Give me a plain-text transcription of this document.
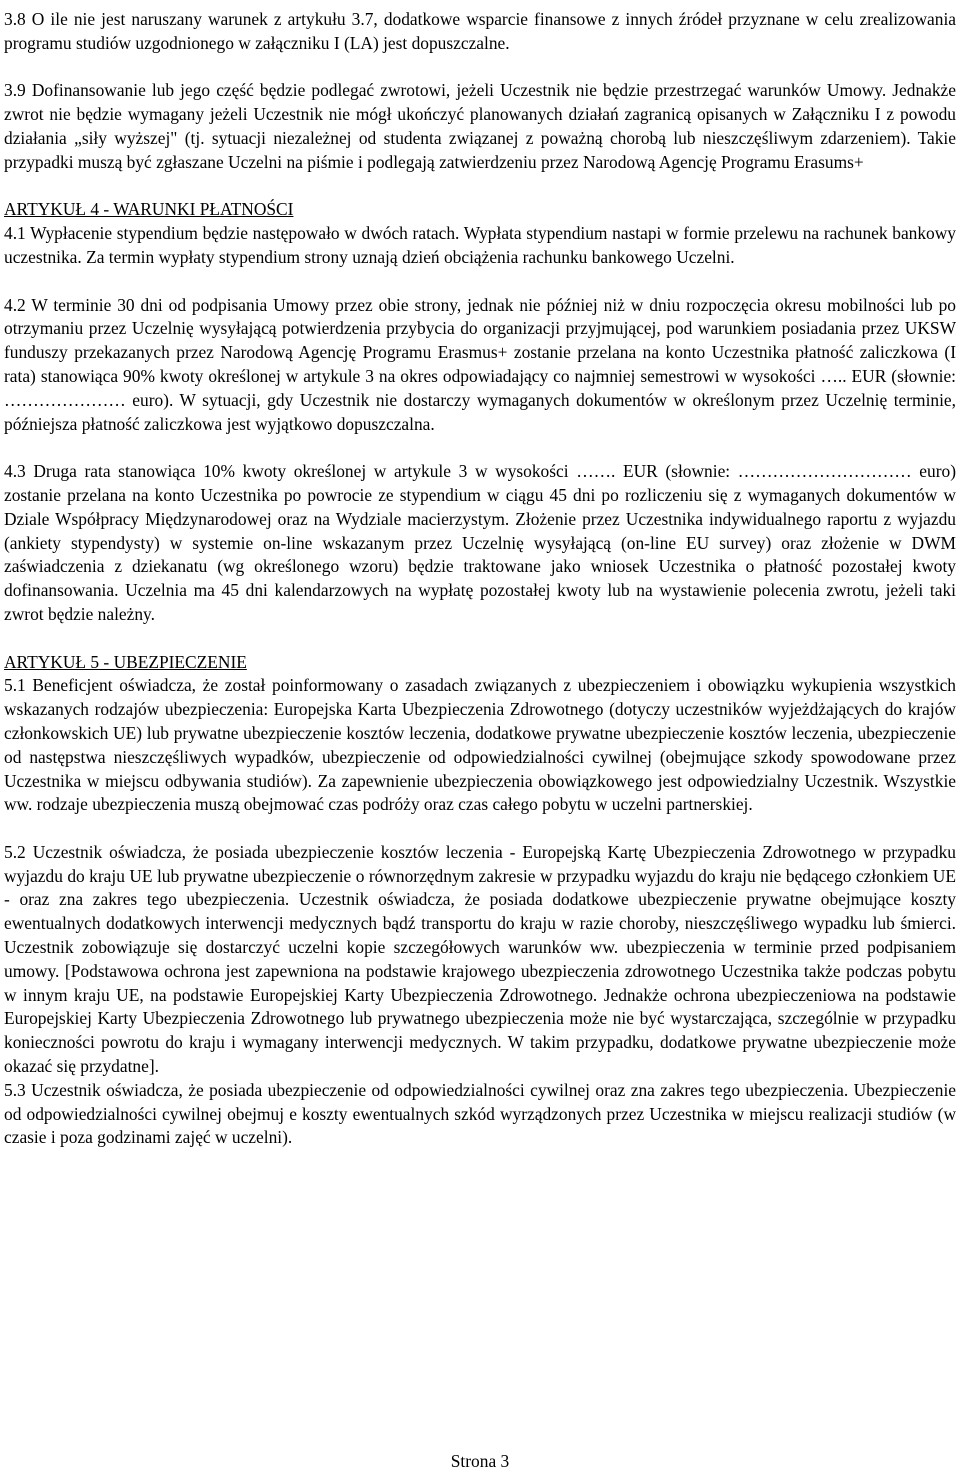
3.8 O ile nie jest naruszany warunek z artykułu 3.7, dodatkowe wsparcie finansowe z innych źródeł przyznane w celu zrealizowania programu studiów uzgodnionego w załączniku I (LA) jest dopuszczalne.

3.9 Dofinansowanie lub jego część będzie podlegać zwrotowi, jeżeli Uczestnik nie będzie przestrzegać warunków Umowy. Jednakże zwrot nie będzie wymagany jeżeli Uczestnik nie mógł ukończyć planowanych działań zagranicą opisanych w Załączniku I z powodu działania „siły wyższej" (tj. sytuacji niezależnej od studenta związanej z poważną chorobą lub nieszczęśliwym zdarzeniem). Takie przypadki muszą być zgłaszane Uczelni na piśmie i podlegają zatwierdzeniu przez Narodową Agencję Programu Erasums+

ARTYKUŁ 4 - WARUNKI PŁATNOŚCI

4.1 Wypłacenie stypendium będzie następowało w dwóch ratach. Wypłata stypendium nastapi w formie przelewu na rachunek bankowy uczestnika. Za termin wypłaty stypendium strony uznają dzień obciążenia rachunku bankowego Uczelni.

4.2 W terminie 30 dni od podpisania Umowy przez obie strony, jednak nie później niż w dniu rozpoczęcia okresu mobilności lub po otrzymaniu przez Uczelnię wysyłającą potwierdzenia przybycia do organizacji przyjmującej, pod warunkiem posiadania przez UKSW funduszy przekazanych przez Narodową Agencję Programu Erasmus+ zostanie przelana na konto Uczestnika płatność zaliczkowa (I rata) stanowiąca 90% kwoty określonej w artykule 3 na okres odpowiadający co najmniej semestrowi w wysokości ….. EUR (słownie: ………………… euro). W sytuacji, gdy Uczestnik nie dostarczy wymaganych dokumentów w określonym przez Uczelnię terminie, późniejsza płatność zaliczkowa jest wyjątkowo dopuszczalna.

4.3 Druga rata stanowiąca 10% kwoty określonej w artykule 3 w wysokości ……. EUR (słownie: ………………………… euro) zostanie przelana na konto Uczestnika po powrocie ze stypendium w ciągu 45 dni po rozliczeniu się z wymaganych dokumentów w Dziale Współpracy Międzynarodowej oraz na Wydziale macierzystym. Złożenie przez Uczestnika indywidualnego raportu z wyjazdu (ankiety stypendysty) w systemie on-line wskazanym przez Uczelnię wysyłającą (on-line EU survey) oraz złożenie w DWM zaświadczenia z dziekanatu (wg określonego wzoru) będzie traktowane jako wniosek Uczestnika o płatność pozostałej kwoty dofinansowania. Uczelnia ma 45 dni kalendarzowych na wypłatę pozostałej kwoty lub na wystawienie polecenia zwrotu, jeżeli taki zwrot będzie należny.

ARTYKUŁ 5 - UBEZPIECZENIE

5.1 Beneficjent oświadcza, że został poinformowany o zasadach związanych z ubezpieczeniem i obowiązku wykupienia wszystkich wskazanych rodzajów ubezpieczenia: Europejska Karta Ubezpieczenia Zdrowotnego (dotyczy uczestników wyjeżdżających do krajów członkowskich UE) lub prywatne ubezpieczenie kosztów leczenia, dodatkowe prywatne ubezpieczenie kosztów leczenia, ubezpieczenie od następstwa nieszczęśliwych wypadków, ubezpieczenie od odpowiedzialności cywilnej (obejmujące szkody spowodowane przez Uczestnika w miejscu odbywania studiów). Za zapewnienie ubezpieczenia obowiązkowego jest odpowiedzialny Uczestnik. Wszystkie ww. rodzaje ubezpieczenia muszą obejmować czas podróży oraz czas całego pobytu w uczelni partnerskiej.

5.2 Uczestnik oświadcza, że posiada ubezpieczenie kosztów leczenia - Europejską Kartę Ubezpieczenia Zdrowotnego w przypadku wyjazdu do kraju UE lub prywatne ubezpieczenie o równorzędnym zakresie w przypadku wyjazdu do kraju nie będącego członkiem UE - oraz zna zakres tego ubezpieczenia. Uczestnik oświadcza, że posiada dodatkowe ubezpieczenie prywatne obejmujące koszty ewentualnych dodatkowych interwencji medycznych bądź transportu do kraju w razie choroby, nieszczęśliwego wypadku lub śmierci. Uczestnik zobowiązuje się dostarczyć uczelni kopie szczegółowych warunków ww. ubezpieczenia w terminie przed podpisaniem umowy. [Podstawowa ochrona jest zapewniona na podstawie krajowego ubezpieczenia zdrowotnego Uczestnika także podczas pobytu w innym kraju UE, na podstawie Europejskiej Karty Ubezpieczenia Zdrowotnego. Jednakże ochrona ubezpieczeniowa na podstawie Europejskiej Karty Ubezpieczenia Zdrowotnego lub prywatnego ubezpieczenia może nie być wystarczająca, szczególnie w przypadku konieczności powrotu do kraju i wymagany interwencji medycznych. W takim przypadku, dodatkowe prywatne ubezpieczenie może okazać się przydatne].

5.3 Uczestnik oświadcza, że posiada ubezpieczenie od odpowiedzialności cywilnej oraz zna zakres tego ubezpieczenia. Ubezpieczenie od odpowiedzialności cywilnej obejmuj e koszty ewentualnych szkód wyrządzonych przez Uczestnika w miejscu realizacji studiów (w czasie i poza godzinami zajęć w uczelni).

Strona 3
